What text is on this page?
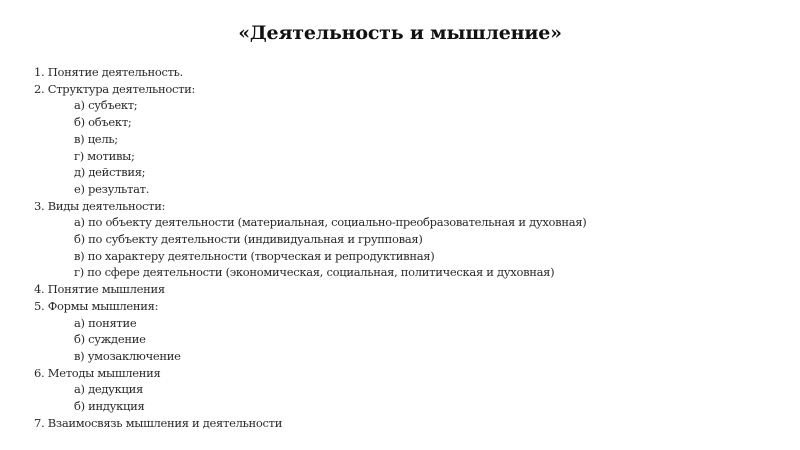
«Деятельность и мышление»
1. Понятие деятельность.
2. Структура деятельности:
а) субъект;
б) объект;
в) цель;
г) мотивы;
д) действия;
е) результат.
3. Виды деятельности:
а) по объекту деятельности (материальная, социально-преобразовательная и духовная)
б) по субъекту деятельности (индивидуальная и групповая)
в) по характеру деятельности (творческая и репродуктивная)
г) по сфере деятельности (экономическая, социальная, политическая и духовная)
4. Понятие мышления
5. Формы мышления:
а) понятие
б) суждение
в) умозаключение
6. Методы мышления
а) дедукция
б) индукция
7. Взаимосвязь мышления и деятельности
